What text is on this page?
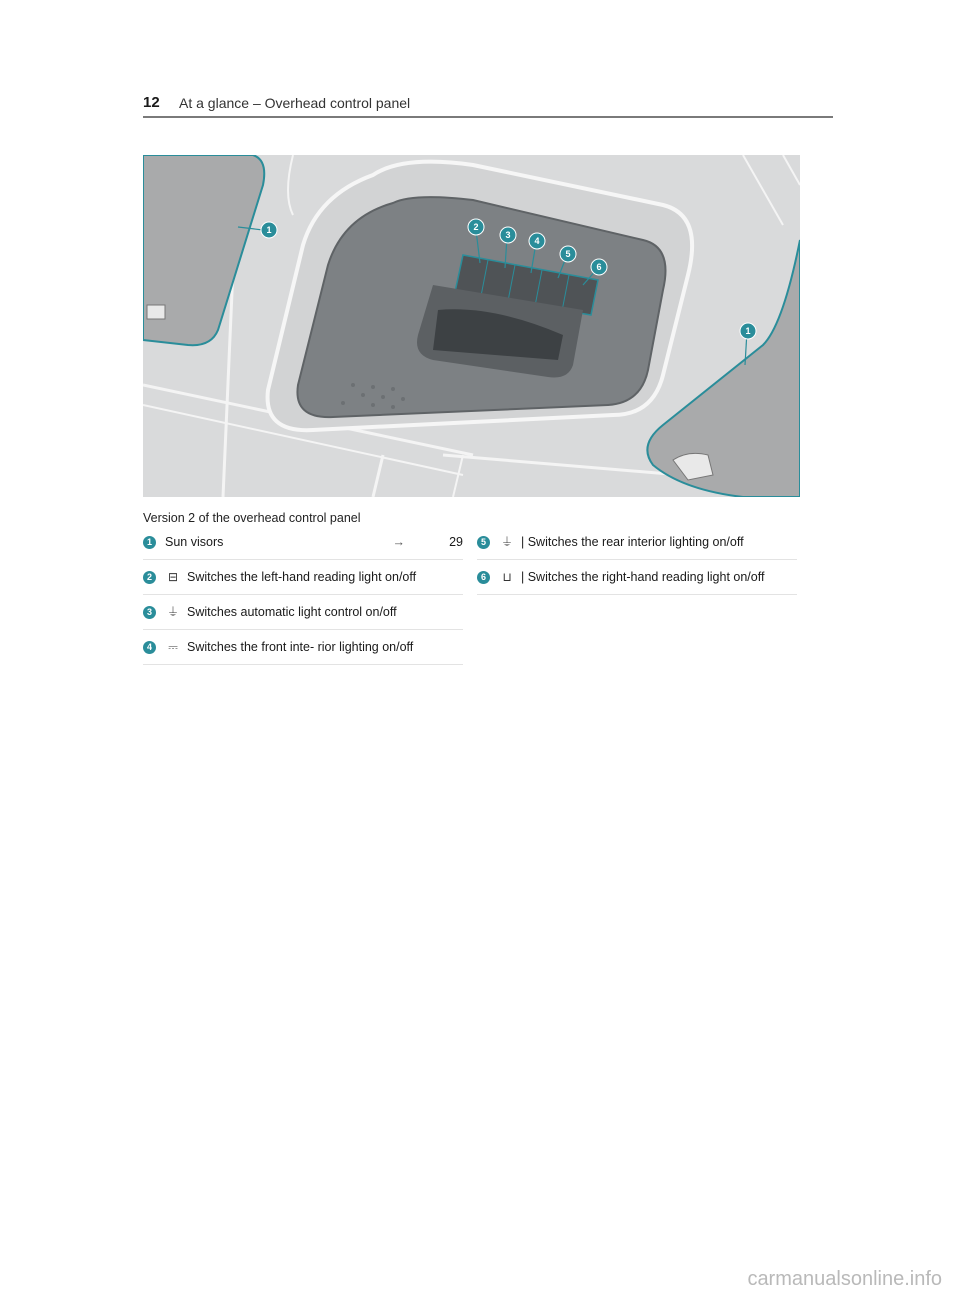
12 At a glance – Overhead control panel
1	2
3
4
5
6
1
Version 2 of the overhead control panel
1	Sun visors	→	29
2	⊟ Switches the left-hand reading light on/off
3	⏚ Switches automatic light control on/off
4	⎓ Switches the front inte- rior lighting on/off
5	⏚ | Switches the rear interior lighting on/off
6	⊔ | Switches the right-hand reading light on/off
carmanualsonline.info
